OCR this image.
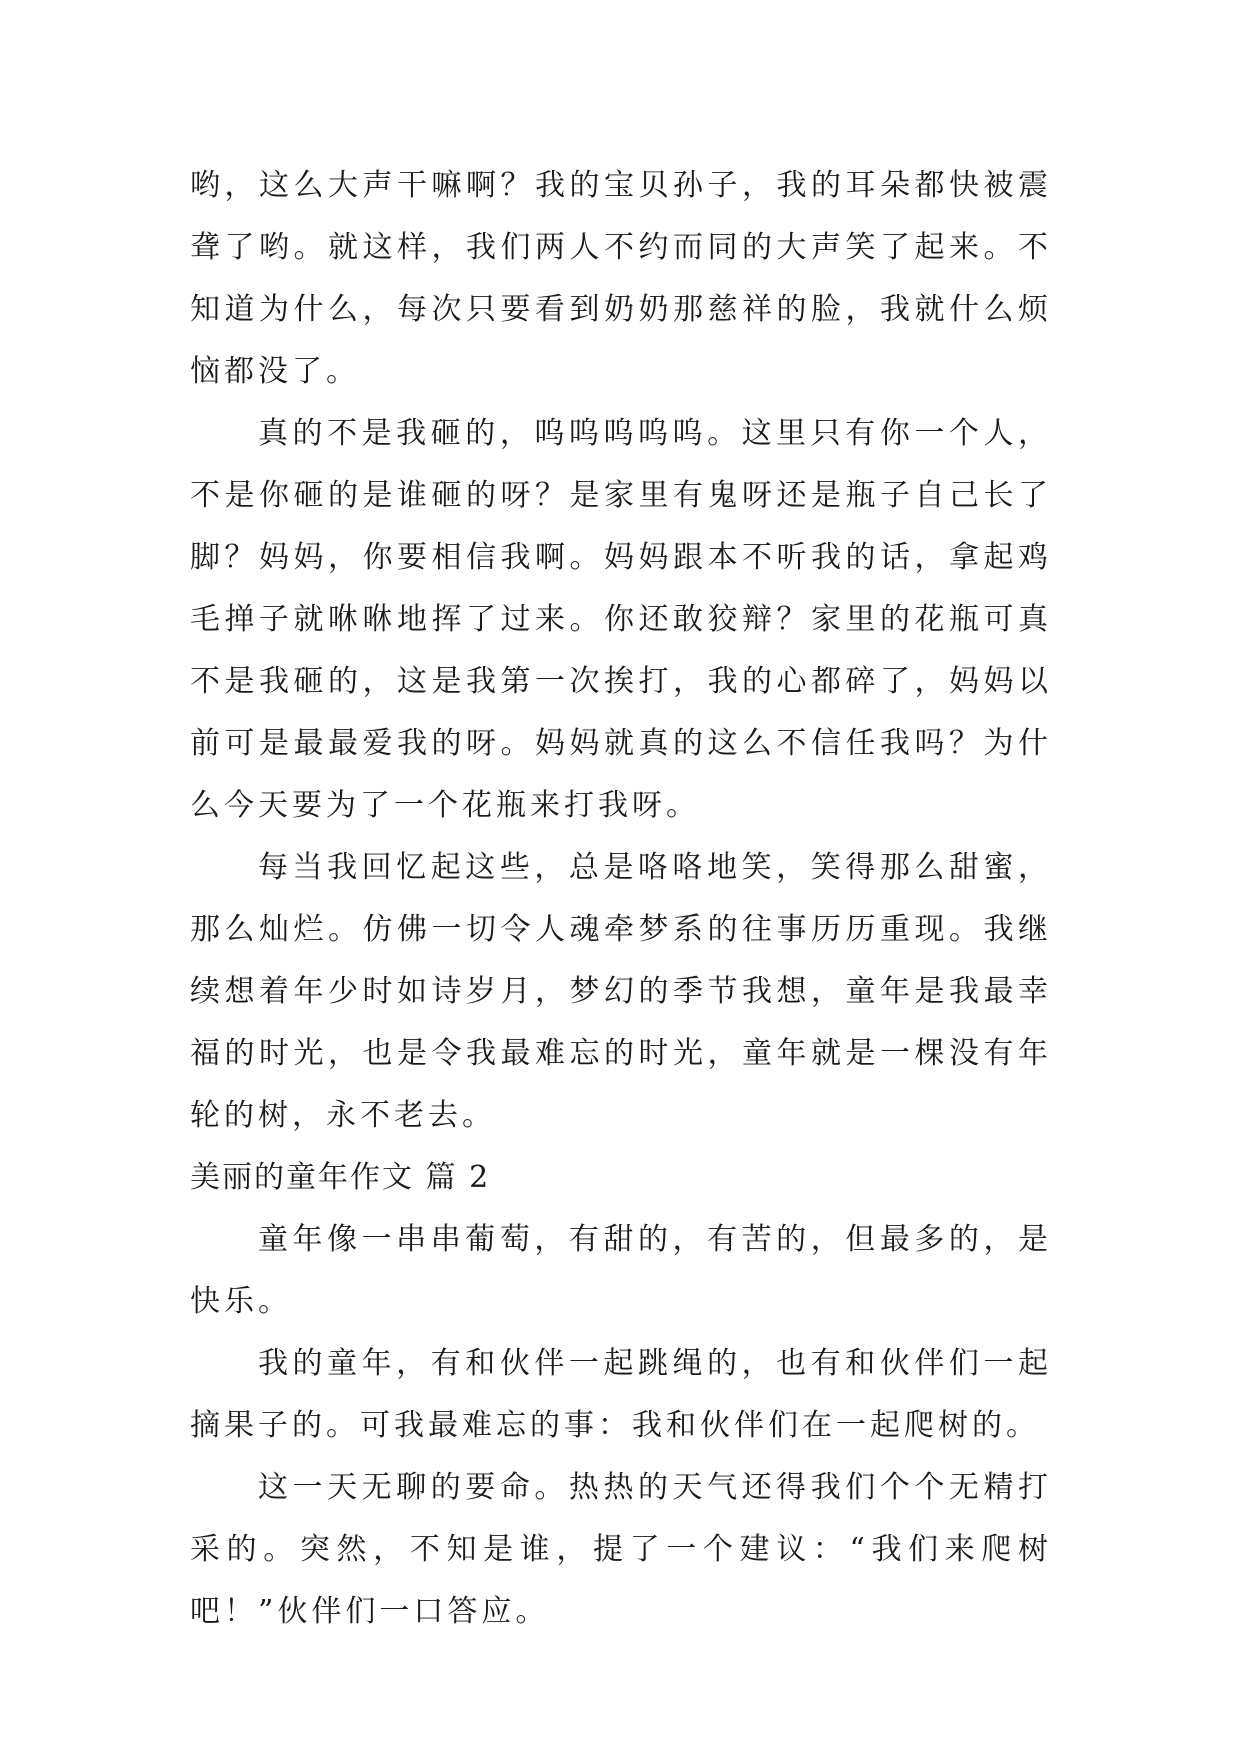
哟，这么大声干嘛啊？我的宝贝孙子，我的耳朵都快被震聋了哟。就这样，我们两人不约而同的大声笑了起来。不知道为什么，每次只要看到奶奶那慈祥的脸，我就什么烦恼都没了。

真的不是我砸的，呜呜呜呜呜。这里只有你一个人，不是你砸的是谁砸的呀？是家里有鬼呀还是瓶子自己长了脚？妈妈，你要相信我啊。妈妈跟本不听我的话，拿起鸡毛掸子就咻咻地挥了过来。你还敢狡辩？家里的花瓶可真不是我砸的，这是我第一次挨打，我的心都碎了，妈妈以前可是最最爱我的呀。妈妈就真的这么不信任我吗？为什么今天要为了一个花瓶来打我呀。

每当我回忆起这些，总是咯咯地笑，笑得那么甜蜜，那么灿烂。仿佛一切令人魂牵梦系的往事历历重现。我继续想着年少时如诗岁月，梦幻的季节我想，童年是我最幸福的时光，也是令我最难忘的时光，童年就是一棵没有年轮的树，永不老去。

美丽的童年作文 篇 2

童年像一串串葡萄，有甜的，有苦的，但最多的，是快乐。

我的童年，有和伙伴一起跳绳的，也有和伙伴们一起摘果子的。可我最难忘的事：我和伙伴们在一起爬树的。

这一天无聊的要命。热热的天气还得我们个个无精打采的。突然，不知是谁，提了一个建议：“我们来爬树吧！”伙伴们一口答应。
